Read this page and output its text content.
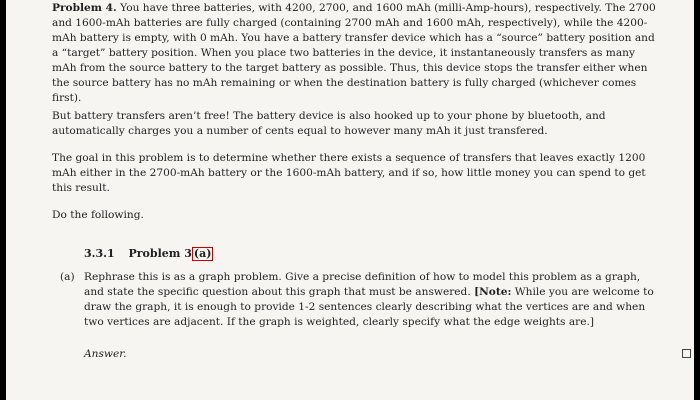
Problem 4. You have three batteries, with 4200, 2700, and 1600 mAh (milli-Amp-hours), respectively. The 2700 and 1600-mAh batteries are fully charged (containing 2700 mAh and 1600 mAh, respectively), while the 4200-mAh battery is empty, with 0 mAh. You have a battery transfer device which has a “source” battery position and a “target” battery position. When you place two batteries in the device, it instantaneously transfers as many mAh from the source battery to the target battery as possible. Thus, this device stops the transfer either when the source battery has no mAh remaining or when the destination battery is fully charged (whichever comes first).

But battery transfers aren’t free! The battery device is also hooked up to your phone by bluetooth, and automatically charges you a number of cents equal to however many mAh it just transfered.

The goal in this problem is to determine whether there exists a sequence of transfers that leaves exactly 1200 mAh either in the 2700-mAh battery or the 1600-mAh battery, and if so, how little money you can spend to get this result.

Do the following.

3.3.1 Problem 3 (a)
(a) Rephrase this is as a graph problem. Give a precise definition of how to model this problem as a graph, and state the specific question about this graph that must be answered. [Note: While you are welcome to draw the graph, it is enough to provide 1-2 sentences clearly describing what the vertices are and when two vertices are adjacent. If the graph is weighted, clearly specify what the edge weights are.]

Answer.
